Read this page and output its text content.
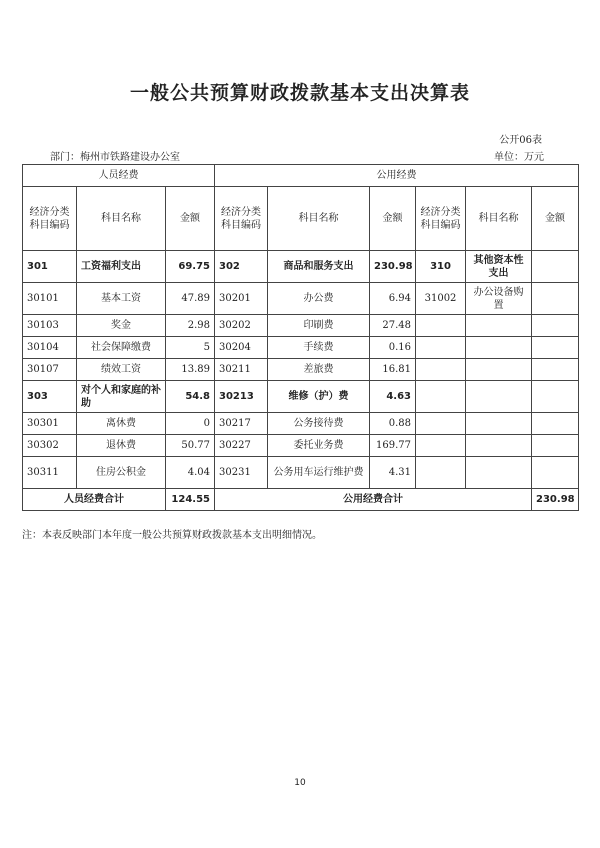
一般公共预算财政拨款基本支出决算表
公开06表
部门：梅州市铁路建设办公室	单位：万元
人员经费			公用经费					
经济分类科目编码	科目名称	金额	经济分类科目编码	科目名称	金额	经济分类科目编码	科目名称	金额
301	工资福利支出	69.75	302	商品和服务支出	230.98	310	其他资本性支出	
30101	基本工资	47.89	30201	办公费	6.94	31002	办公设备购置	
30103	奖金	2.98	30202	印刷费	27.48			
30104	社会保障缴费	5	30204	手续费	0.16			
30107	绩效工资	13.89	30211	差旅费	16.81			
303	对个人和家庭的补助	54.8	30213	维修（护）费	4.63			
30301	离休费	0	30217	公务接待费	0.88			
30302	退休费	50.77	30227	委托业务费	169.77			
30311	住房公积金	4.04	30231	公务用车运行维护费	4.31			
人员经费合计		124.55	公用经费合计					230.98
注：本表反映部门本年度一般公共预算财政拨款基本支出明细情况。
10
